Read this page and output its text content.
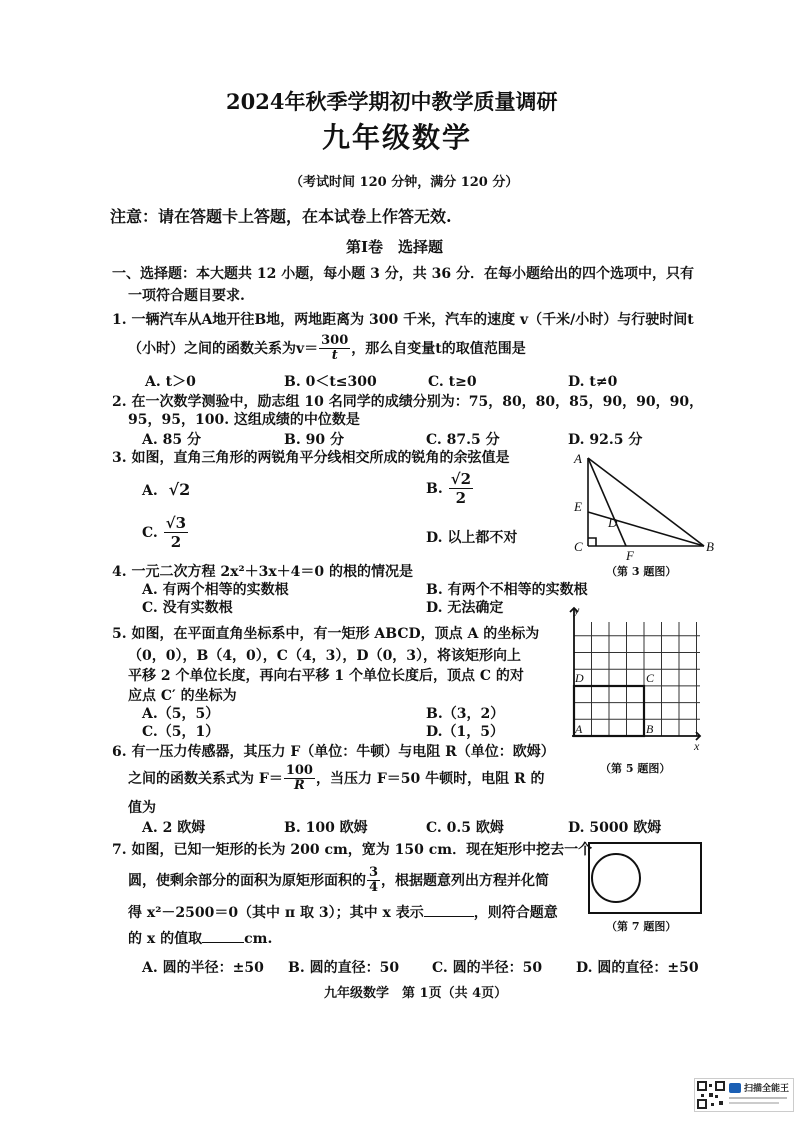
2024年秋季学期初中教学质量调研
九年级数学
（考试时间 120 分钟，满分 120 分）
注意：请在答题卡上答题，在本试卷上作答无效.
第I卷　选择题
一、选择题：本大题共 12 小题，每小题 3 分，共 36 分．在每小题给出的四个选项中，只有
一项符合题目要求.
1. 一辆汽车从A地开往B地，两地距离为 300 千米，汽车的速度 v（千米/小时）与行驶时间t
（小时）之间的函数关系为$v= \frac{300}{t}$ ，那么自变量t的取值范围是
A. t＞0	B. 0＜t≤300	C. t≥0	D. t≠0
2. 在一次数学测验中，励志组 10 名同学的成绩分别为：75，80，80，85，90，90，90，
95，95，100. 这组成绩的中位数是
A. 85 分	B. 90 分	C. 87.5 分	D. 92.5 分
3. 如图，直角三角形的两锐角平分线相交所成的锐角的余弦值是
A. √2	B. $\frac{√2}{2}$
C. $\frac{√3}{2}$	D. 以上都不对
A
E
D
C
F
B
（第 3 题图）
4. 一元二次方程 2x²＋3x＋4＝0 的根的情况是
A. 有两个相等的实数根	B. 有两个不相等的实数根
C. 没有实数根	D. 无法确定
5. 如图，在平面直角坐标系中，有一矩形 ABCD，顶点 A 的坐标为
（0，0），B（4，0），C（4，3），D（0，3），将该矩形向上
平移 2 个单位长度，再向右平移 1 个单位长度后，顶点 C 的对
应点 C′ 的坐标为
A.（5，5）	B.（3，2）
C.（5，1）	D.（1，5）
y
x
A	B
C
D
（第 5 题图）
6. 有一压力传感器，其压力 F（单位：牛顿）与电阻 R（单位：欧姆）
之间的函数关系式为 $F= \frac{100}{R}$ ，当压力 F＝50 牛顿时，电阻 R 的
值为
A. 2 欧姆	B. 100 欧姆	C. 0.5 欧姆	D. 5000 欧姆
7. 如图，已知一矩形的长为 200 cm，宽为 150 cm．现在矩形中挖去一个
圆，使剩余部分的面积为原矩形面积的 $\frac{3}{4}$ ，根据题意列出方程并化简
得 x²－2500＝0（其中 π 取 3）；其中 x 表示	，则符合题意
的 x 的值取	cm.
A. 圆的半径：±50 B. 圆的直径：50 C. 圆的半径：50 D. 圆的直径：±50
（第 7 题图）
九年级数学　第 1页（共 4页）
扫描全能王
